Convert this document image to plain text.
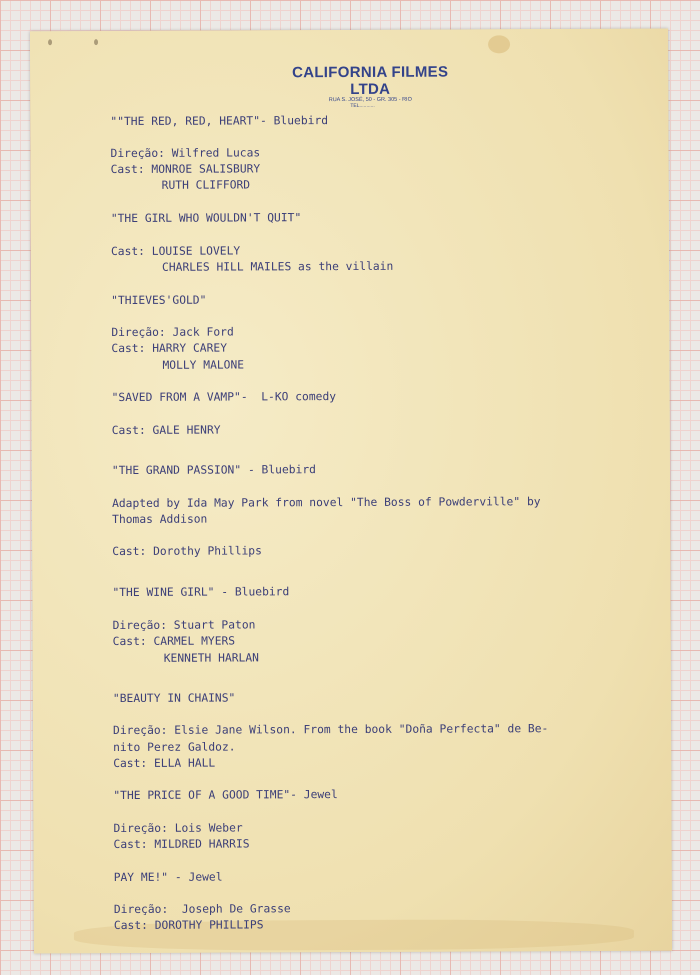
CALIFORNIA FILMES LTDA
RUA S. JOSÉ, 50 - GR. 305 - RIO
TEL...........
""THE RED, RED, HEART"- Bluebird
Direção: Wilfred Lucas
Cast: MONROE SALISBURY
RUTH CLIFFORD
"THE GIRL WHO WOULDN'T QUIT"
Cast: LOUISE LOVELY
CHARLES HILL MAILES as the villain
"THIEVES'GOLD"
Direção: Jack Ford
Cast: HARRY CAREY
MOLLY MALONE
"SAVED FROM A VAMP"-  L-KO comedy
Cast: GALE HENRY
"THE GRAND PASSION" - Bluebird
Adapted by Ida May Park from novel "The Boss of Powderville" by
Thomas Addison
Cast: Dorothy Phillips
"THE WINE GIRL" - Bluebird
Direção: Stuart Paton
Cast: CARMEL MYERS
KENNETH HARLAN
"BEAUTY IN CHAINS"
Direção: Elsie Jane Wilson. From the book "Doña Perfecta" de Be-
nito Perez Galdoz.
Cast: ELLA HALL
"THE PRICE OF A GOOD TIME"- Jewel
Direção: Lois Weber
Cast: MILDRED HARRIS
PAY ME!" - Jewel
Direção:  Joseph De Grasse
Cast: DOROTHY PHILLIPS
